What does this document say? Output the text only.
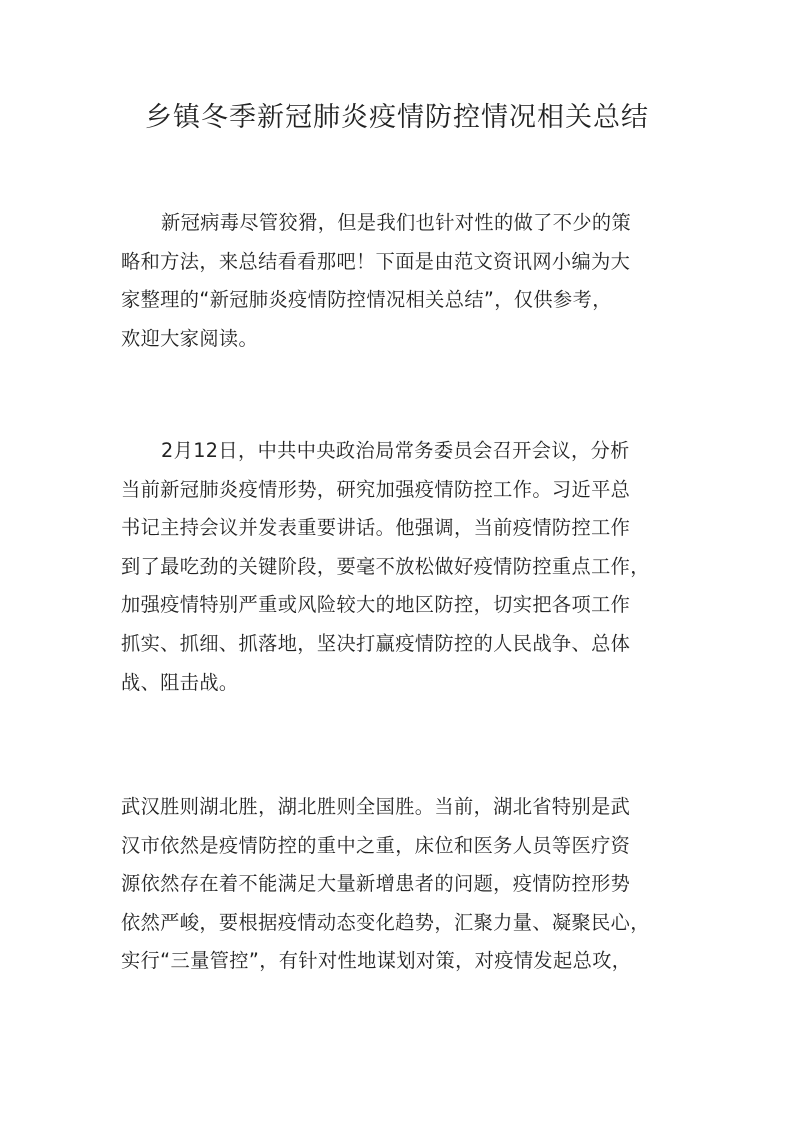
乡镇冬季新冠肺炎疫情防控情况相关总结
新冠病毒尽管狡猾，但是我们也针对性的做了不少的策
略和方法，来总结看看那吧！下面是由范文资讯网小编为大
家整理的“新冠肺炎疫情防控情况相关总结”，仅供参考，
欢迎大家阅读。
2月12日，中共中央政治局常务委员会召开会议，分析
当前新冠肺炎疫情形势，研究加强疫情防控工作。习近平总
书记主持会议并发表重要讲话。他强调，当前疫情防控工作
到了最吃劲的关键阶段，要毫不放松做好疫情防控重点工作，
加强疫情特别严重或风险较大的地区防控，切实把各项工作
抓实、抓细、抓落地，坚决打赢疫情防控的人民战争、总体
战、阻击战。
武汉胜则湖北胜，湖北胜则全国胜。当前，湖北省特别是武
汉市依然是疫情防控的重中之重，床位和医务人员等医疗资
源依然存在着不能满足大量新增患者的问题，疫情防控形势
依然严峻，要根据疫情动态变化趋势，汇聚力量、凝聚民心，
实行“三量管控”，有针对性地谋划对策，对疫情发起总攻，
